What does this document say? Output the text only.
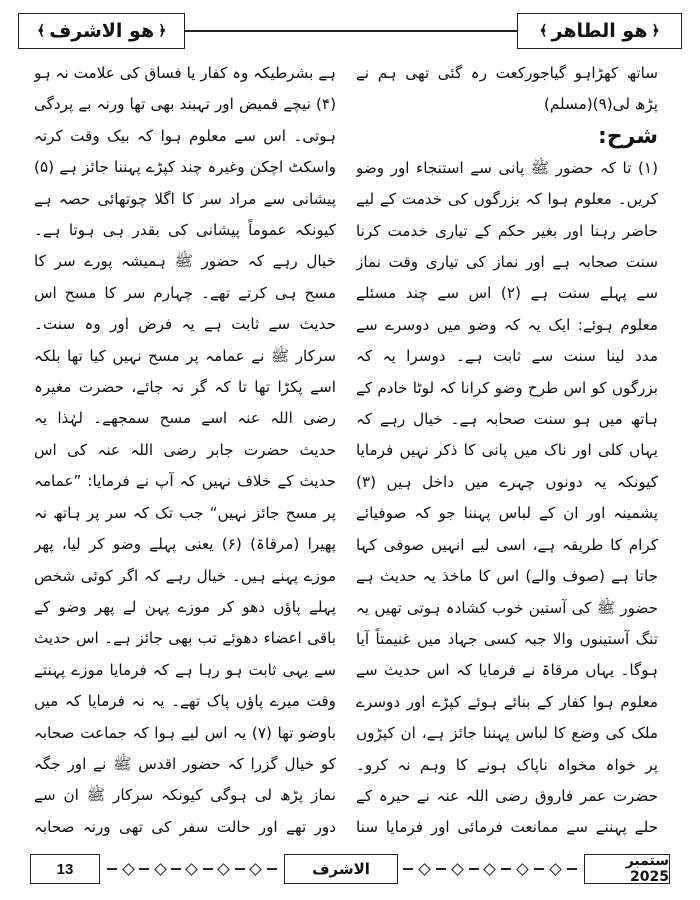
﴿
هو الاشرف
﴾	﴿
هو الطاهر
﴾

ساتھ کھڑاہو گیاجورکعت رہ گئی تھی ہم نے پڑھ لی(۹)(مسلم)

شرح:

(۱) تا کہ حضور ﷺ پانی سے استنجاء اور وضو کریں۔ معلوم ہوا کہ بزرگوں کی خدمت کے لیے حاضر رہنا اور بغیر حکم کے تیاری خدمت کرنا سنت صحابہ ہے اور نماز کی تیاری وقت نماز سے پہلے سنت ہے (۲) اس سے چند مسئلے معلوم ہوئے: ایک یہ کہ وضو میں دوسرے سے مدد لینا سنت سے ثابت ہے۔ دوسرا یہ کہ بزرگوں کو اس طرح وضو کرانا کہ لوٹا خادم کے ہاتھ میں ہو سنت صحابہ ہے۔ خیال رہے کہ یہاں کلی اور ناک میں پانی کا ذکر نہیں فرمایا کیونکہ یہ دونوں چہرے میں داخل ہیں (۳) پشمینہ اور ان کے لباس پہننا جو کہ صوفیائے کرام کا طریقہ ہے، اسی لیے انہیں صوفی کہا جاتا ہے (صوف والے) اس کا ماخذ یہ حدیث ہے حضور ﷺ کی آستین خوب کشادہ ہوتی تھیں یہ تنگ آستینوں والا جبہ کسی جہاد میں غنیمتاً آیا ہوگا۔ یہاں مرقاۃ نے فرمایا کہ اس حدیث سے معلوم ہوا کفار کے بنائے ہوئے کپڑے اور دوسرے ملک کی وضع کا لباس پہننا جائز ہے، ان کپڑوں پر خواہ مخواہ ناپاک ہونے کا وہم نہ کرو۔ حضرت عمر فاروق رضی اللہ عنہ نے حیرہ کے حلے پہننے سے ممانعت فرمائی اور فرمایا سنا

ہے بشرطیکہ وہ کفار یا فساق کی علامت نہ ہو (۴) نیچے قمیض اور تہبند بھی تھا ورنہ بے پردگی ہوتی۔ اس سے معلوم ہوا کہ بیک وقت کرتہ واسکٹ اچکن وغیرہ چند کپڑے پہننا جائز ہے (۵) پیشانی سے مراد سر کا اگلا چوتھائی حصہ ہے کیونکہ عموماً پیشانی کی بقدر ہی ہوتا ہے۔ خیال رہے کہ حضور ﷺ ہمیشہ پورے سر کا مسح ہی کرتے تھے۔ چہارم سر کا مسح اس حدیث سے ثابت ہے یہ فرض اور وہ سنت۔ سرکار ﷺ نے عمامہ پر مسح نہیں کیا تھا بلکہ اسے پکڑا تھا تا کہ گر نہ جائے، حضرت مغیرہ رضی اللہ عنہ اسے مسح سمجھے۔ لہٰذا یہ حدیث حضرت جابر رضی اللہ عنہ کی اس حدیث کے خلاف نہیں کہ آپ نے فرمایا: ”عمامہ پر مسح جائز نہیں“ جب تک کہ سر پر ہاتھ نہ پھیرا (مرقاۃ) (۶) یعنی پہلے وضو کر لیا، پھر موزے پہنے ہیں۔ خیال رہے کہ اگر کوئی شخص پہلے پاؤں دھو کر موزے پہن لے پھر وضو کے باقی اعضاء دھوئے تب بھی جائز ہے۔ اس حدیث سے یہی ثابت ہو رہا ہے کہ فرمایا موزے پہنتے وقت میرے پاؤں پاک تھے۔ یہ نہ فرمایا کہ میں باوضو تھا (۷) یہ اس لیے ہوا کہ جماعت صحابہ کو خیال گزرا کہ حضور اقدس ﷺ نے اور جگہ نماز پڑھ لی ہوگی کیونکہ سرکار ﷺ ان سے دور تھے اور حالت سفر کی تھی ورنہ صحابہ

13	الاشرف	ستمبر 2025
